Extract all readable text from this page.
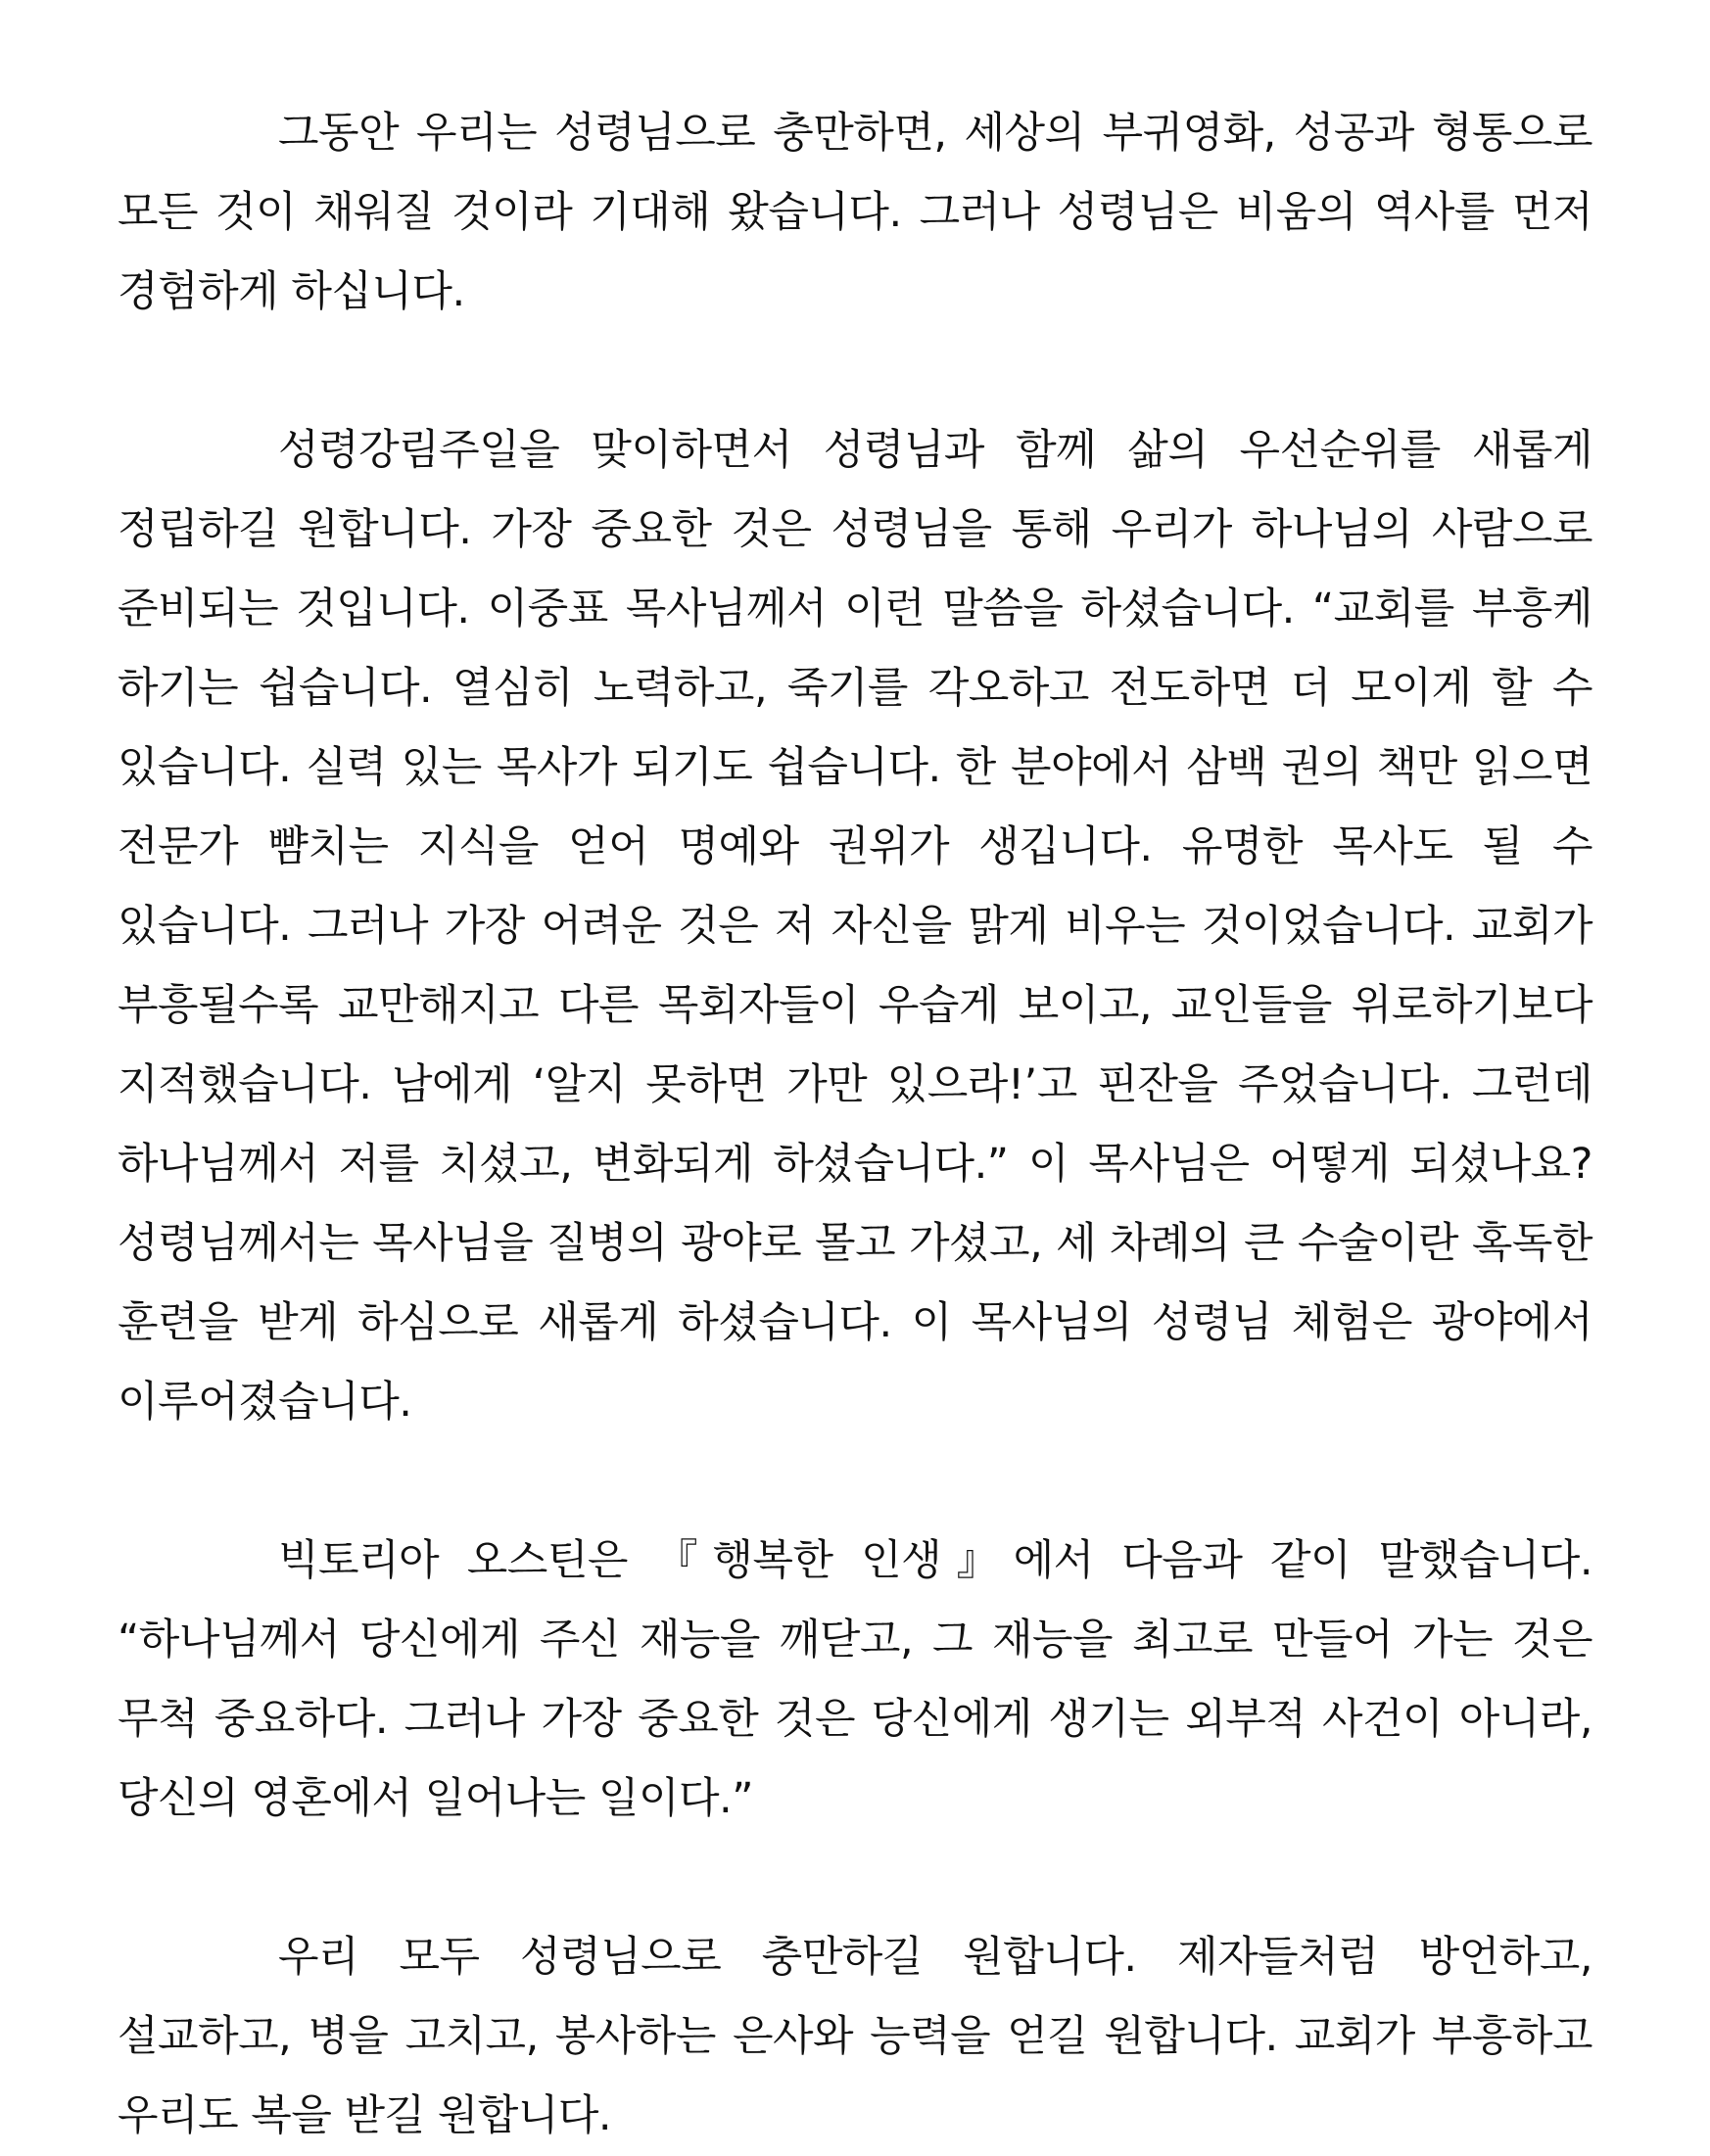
그동안 우리는 성령님으로 충만하면, 세상의 부귀영화, 성공과 형통으로 모든 것이 채워질 것이라 기대해 왔습니다. 그러나 성령님은 비움의 역사를 먼저 경험하게 하십니다.

성령강림주일을 맞이하면서 성령님과 함께 삶의 우선순위를 새롭게 정립하길 원합니다. 가장 중요한 것은 성령님을 통해 우리가 하나님의 사람으로 준비되는 것입니다. 이중표 목사님께서 이런 말씀을 하셨습니다. “교회를 부흥케 하기는 쉽습니다. 열심히 노력하고, 죽기를 각오하고 전도하면 더 모이게 할 수 있습니다. 실력 있는 목사가 되기도 쉽습니다. 한 분야에서 삼백 권의 책만 읽으면 전문가 뺨치는 지식을 얻어 명예와 권위가 생깁니다. 유명한 목사도 될 수 있습니다. 그러나 가장 어려운 것은 저 자신을 맑게 비우는 것이었습니다. 교회가 부흥될수록 교만해지고 다른 목회자들이 우습게 보이고, 교인들을 위로하기보다 지적했습니다. 남에게 ‘알지 못하면 가만 있으라!’고 핀잔을 주었습니다. 그런데 하나님께서 저를 치셨고, 변화되게 하셨습니다.” 이 목사님은 어떻게 되셨나요? 성령님께서는 목사님을 질병의 광야로 몰고 가셨고, 세 차례의 큰 수술이란 혹독한 훈련을 받게 하심으로 새롭게 하셨습니다. 이 목사님의 성령님 체험은 광야에서 이루어졌습니다.

빅토리아 오스틴은 『행복한 인생』에서 다음과 같이 말했습니다. “하나님께서 당신에게 주신 재능을 깨닫고, 그 재능을 최고로 만들어 가는 것은 무척 중요하다. 그러나 가장 중요한 것은 당신에게 생기는 외부적 사건이 아니라, 당신의 영혼에서 일어나는 일이다.”

우리 모두 성령님으로 충만하길 원합니다. 제자들처럼 방언하고, 설교하고, 병을 고치고, 봉사하는 은사와 능력을 얻길 원합니다. 교회가 부흥하고 우리도 복을 받길 원합니다.
